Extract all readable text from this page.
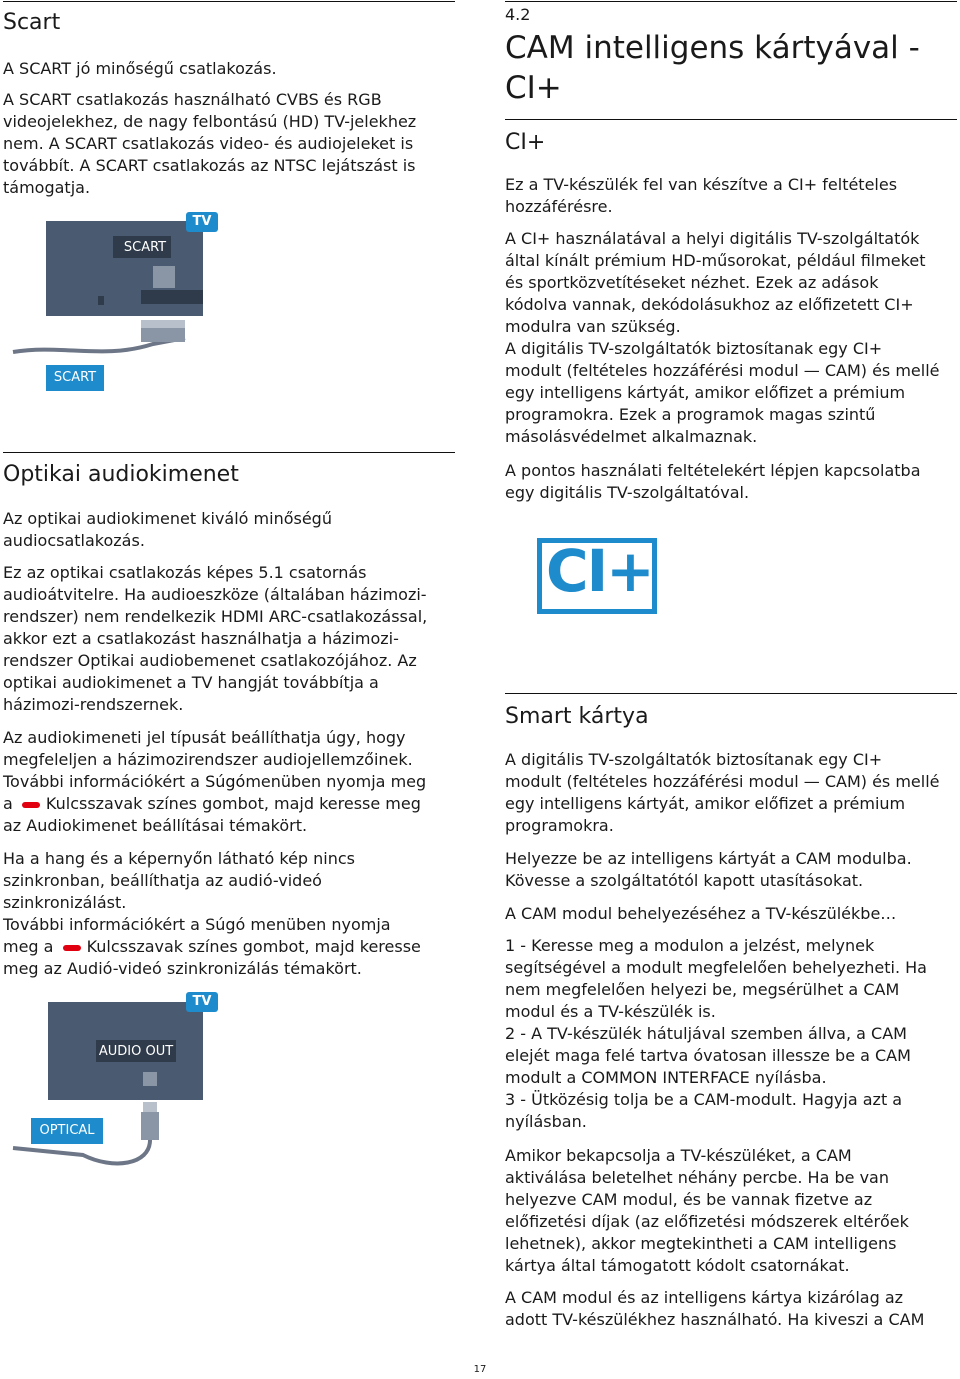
Scart

A SCART jó minőségű csatlakozás.

A SCART csatlakozás használható CVBS és RGB

videojelekhez, de nagy felbontású (HD) TV-jelekhez

nem. A SCART csatlakozás video- és audiojeleket is

továbbít. A SCART csatlakozás az NTSC lejátszást is

támogatja.

SCART
SCART
TV
Optikai audiokimenet

Az optikai audiokimenet kiváló minőségű

audiocsatlakozás.

Ez az optikai csatlakozás képes 5.1 csatornás

audioátvitelre. Ha audioeszköze (általában házimozi-

rendszer) nem rendelkezik HDMI ARC-csatlakozással,

akkor ezt a csatlakozást használhatja a házimozi-

rendszer Optikai audiobemenet csatlakozójához. Az

optikai audiokimenet a TV hangját továbbítja a

házimozi-rendszernek.

Az audiokimeneti jel típusát beállíthatja úgy, hogy

megfeleljen a házimozirendszer audiojellemzőinek.

További információkért a Súgómenüben nyomja meg

a Kulcsszavak színes gombot, majd keresse meg

az Audiokimenet beállításai témakört.

Ha a hang és a képernyőn látható kép nincs

szinkronban, beállíthatja az audió-videó

szinkronizálást.

További információkért a Súgó menüben nyomja

meg a Kulcsszavak színes gombot, majd keresse

meg az Audió-videó szinkronizálás témakört.

AUDIO OUT
OPTICAL
TV
4.2
CAM intelligens kártyával -
CI+
CI+

Ez a TV-készülék fel van készítve a CI+ feltételes

hozzáférésre.

A CI+ használatával a helyi digitális TV-szolgáltatók

által kínált prémium HD-műsorokat, például filmeket

és sportközvetítéseket nézhet. Ezek az adások

kódolva vannak, dekódolásukhoz az előfizetett CI+

modulra van szükség.

A digitális TV-szolgáltatók biztosítanak egy CI+

modult (feltételes hozzáférési modul — CAM) és mellé

egy intelligens kártyát, amikor előfizet a prémium

programokra. Ezek a programok magas szintű

másolásvédelmet alkalmaznak.

A pontos használati feltételekért lépjen kapcsolatba

egy digitális TV-szolgáltatóval.

CI+
Smart kártya

A digitális TV-szolgáltatók biztosítanak egy CI+

modult (feltételes hozzáférési modul — CAM) és mellé

egy intelligens kártyát, amikor előfizet a prémium

programokra.

Helyezze be az intelligens kártyát a CAM modulba.

Kövesse a szolgáltatótól kapott utasításokat.

A CAM modul behelyezéséhez a TV-készülékbe…

1 - Keresse meg a modulon a jelzést, melynek

segítségével a modult megfelelően behelyezheti. Ha

nem megfelelően helyezi be, megsérülhet a CAM

modul és a TV-készülék is.

2 - A TV-készülék hátuljával szemben állva, a CAM

elejét maga felé tartva óvatosan illessze be a CAM

modult a COMMON INTERFACE nyílásba.

3 - Ütközésig tolja be a CAM-modult. Hagyja azt a

nyílásban.

Amikor bekapcsolja a TV-készüléket, a CAM

aktiválása beletelhet néhány percbe. Ha be van

helyezve CAM modul, és be vannak fizetve az

előfizetési díjak (az előfizetési módszerek eltérőek

lehetnek), akkor megtekintheti a CAM intelligens

kártya által támogatott kódolt csatornákat.

A CAM modul és az intelligens kártya kizárólag az

adott TV-készülékhez használható. Ha kiveszi a CAM

17
